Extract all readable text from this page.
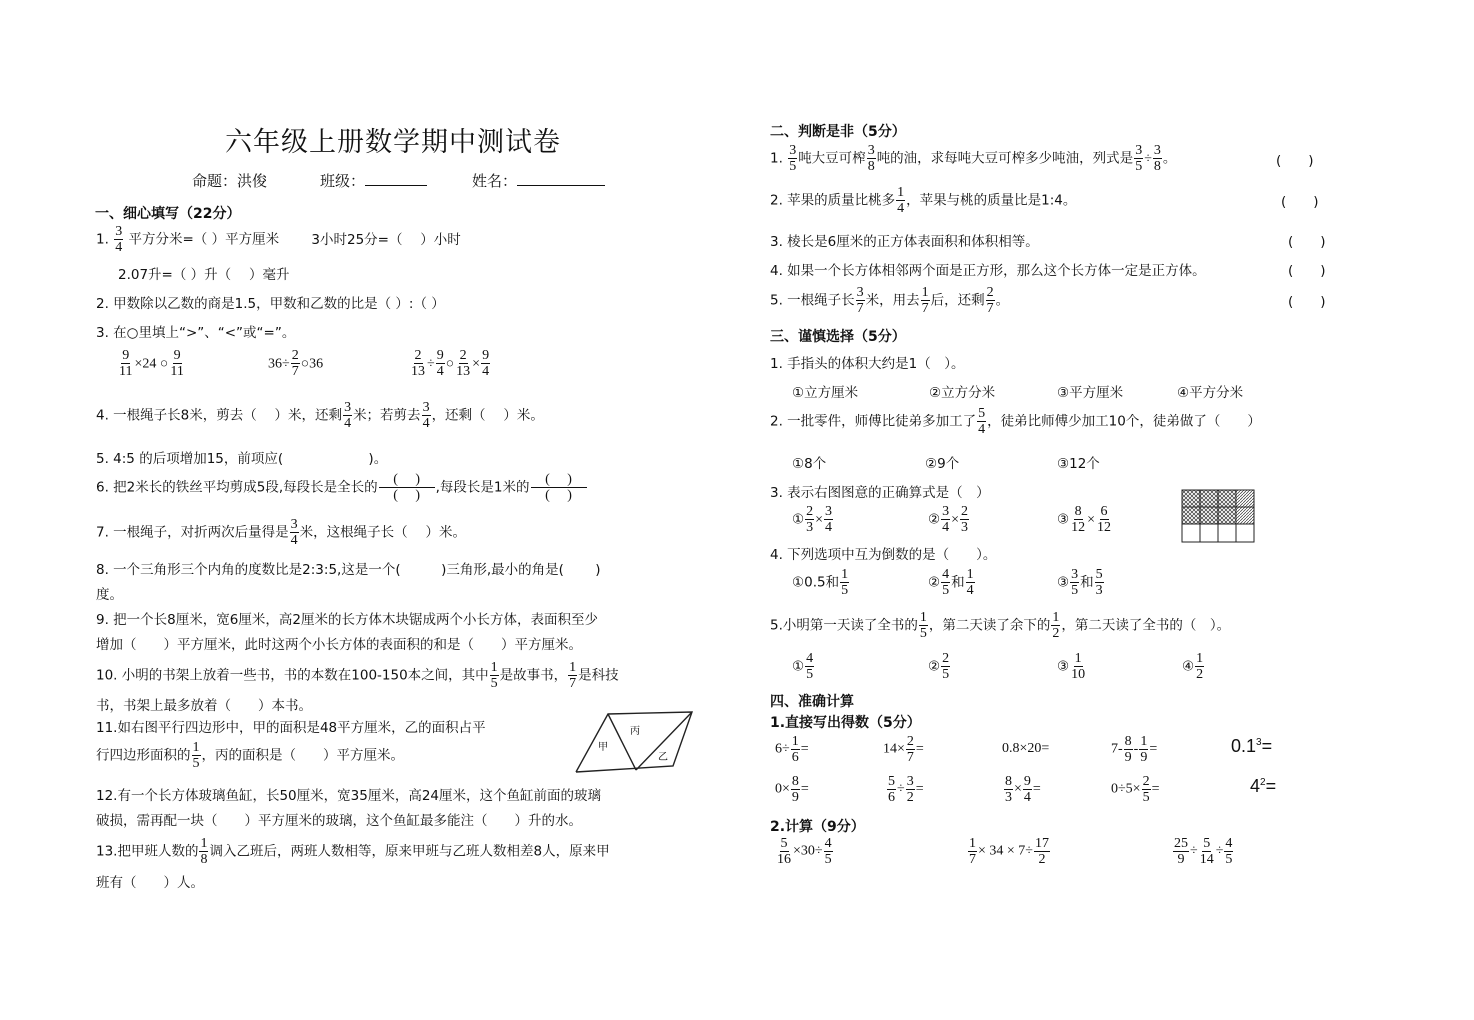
六年级上册数学期中测试卷
命题：洪俊	班级：	姓名：
一、细心填写（22分）
1. $\frac{3}{4}$ 平方分米=（ ）平方厘米 3小时25分=（　 ）小时
2.07升=（ ）升（　 ）毫升
2. 甲数除以乙数的商是1.5，甲数和乙数的比是（ ）:（ ）
3. 在○里填上“>”、“<”或“=”。
$\frac{9}{11} \times 24$ ○ $\frac{9}{11}$	$36\div \frac{2}{7}$ ○36	$\frac{2}{13} \div \frac{9}{4}$ ○ $\frac{2}{13} \times \frac{9}{4}$
4. 一根绳子长8米，剪去（　 ）米，还剩 $\frac{3}{4}$ 米；若剪去 $\frac{3}{4}$ ，还剩（　 ）米。
5. 4:5 的后项增加15，前项应(　　　　　　 )。
6. 把2米长的铁丝平均剪成5段,每段长是全长的 $\frac{( )}{( )}$ ,每段长是1米的 $\frac{( )}{( )}$
7. 一根绳子，对折两次后量得是 $\frac{3}{4}$ 米，这根绳子长（　 ）米。
8. 一个三角形三个内角的度数比是2:3:5,这是一个(　　　)三角形,最小的角是(　　 )
度。
9. 把一个长8厘米，宽6厘米，高2厘米的长方体木块锯成两个小长方体，表面积至少
增加（　　）平方厘米，此时这两个小长方体的表面积的和是（　　）平方厘米。
10. 小明的书架上放着一些书，书的本数在100-150本之间，其中 $\frac{1}{5}$ 是故事书， $\frac{1}{7}$ 是科技
书，书架上最多放着（　　）本书。
11.如右图平行四边形中，甲的面积是48平方厘米，乙的面积占平
行四边形面积的 $\frac{1}{5}$ ，丙的面积是（　　）平方厘米。	甲
丙
乙
12.有一个长方体玻璃鱼缸，长50厘米，宽35厘米，高24厘米，这个鱼缸前面的玻璃
破损，需再配一块（　　）平方厘米的玻璃，这个鱼缸最多能注（　　）升的水。
13.把甲班人数的 $\frac{1}{8}$ 调入乙班后，两班人数相等，原来甲班与乙班人数相差8人，原来甲
班有（　　）人。
二、判断是非（5分）
1. $\frac{3}{5}$ 吨大豆可榨 $\frac{3}{8}$ 吨的油，求每吨大豆可榨多少吨油，列式是 $\frac{3}{5} \div \frac{3}{8}$ 。	(　　)
2. 苹果的质量比桃多 $\frac{1}{4}$ ，苹果与桃的质量比是1:4。	(　　)
3. 棱长是6厘米的正方体表面积和体积相等。	(　　)
4. 如果一个长方体相邻两个面是正方形，那么这个长方体一定是正方体。	(　　)
5. 一根绳子长 $\frac{3}{7}$ 米，用去 $\frac{1}{7}$ 后，还剩 $\frac{2}{7}$ 。	(　　)
三、谨慎选择（5分）
1. 手指头的体积大约是1（　）。
①立方厘米	②立方分米	③平方厘米	④平方分米
2. 一批零件，师傅比徒弟多加工了 $\frac{5}{4}$ ，徒弟比师傅少加工10个，徒弟做了（　　）
①8个	②9个	③12个
3. 表示右图图意的正确算式是（　）
① $\frac{2}{3} \times \frac{3}{4}$	② $\frac{3}{4} \times \frac{2}{3}$	③ $\frac{8}{12} \times \frac{6}{12}$
4. 下列选项中互为倒数的是（　　）。
①0.5和 $\frac{1}{5}$	② $\frac{4}{5}$ 和 $\frac{1}{4}$	③ $\frac{3}{5}$ 和 $\frac{5}{3}$
5.小明第一天读了全书的 $\frac{1}{5}$ ，第二天读了余下的 $\frac{1}{2}$ ，第二天读了全书的（　）。
① $\frac{4}{5}$	② $\frac{2}{5}$	③ $\frac{1}{10}$	④ $\frac{1}{2}$
四、准确计算
1.直接写出得数（5分）
$6\div \frac{1}{6}$ =	$14\times \frac{2}{7}$ =	0.8×20=	$7- \frac{8}{9} - \frac{1}{9}$ =	$0.1^3=$
$0\times \frac{8}{9}$ =	$\frac{5}{6} \div \frac{3}{2}$ =	$\frac{8}{3} \times \frac{9}{4}$ =	$0\div 5\times \frac{2}{5}$ =	$4^2=$
2.计算（9分）
$\frac{5}{16} \times 30\div \frac{4}{5}$	$\frac{1}{7} \times 34 \times 7\div \frac{17}{2}$	$\frac{25}{9} \div \frac{5}{14} \div \frac{4}{5}$
